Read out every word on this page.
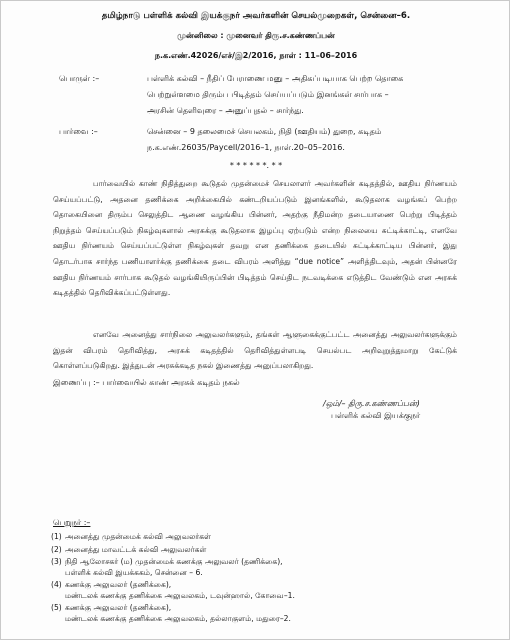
தமிழ்நாடு பள்ளிக் கல்வி இயக்குநர் அவர்களின் செயல்முறைகள், சென்னை–6.
முன்னிலை : முனைவர் திரு.ச.கண்ணப்பன்
ந.க.எண்.42026/எச்/இ2/2016, நாள் : 11–06–2016
பொருள் :–	பள்ளிக் கல்வி – நீதிப் பேராணை மனு – அதிகப்படியாக பெற்ற தொகை
பெற்றுள்ளமை திரும்ப பிடித்தம் செய்யப்படும் இனங்கள் சார்பாக –
அரசின் தெளிவுரை – அனுப்புதல் – சார்ந்து.
பார்வை :–	சென்னை – 9 தலைமைச் செயலகம், நிதி (ஊதியம்) துறை, கடிதம்
ந.க.எண்.26035/Paycell/2016–1, நாள்.20–05–2016.
* * * * * *. * *

பார்வையில் காண் நிதித்துறை கூடுதல் முதன்மைச் செயலாளர் அவர்களின் கடிதத்தில், ஊதிய நிர்ணயம் செய்யப்பட்டு, அதனை தணிக்கை அறிக்கையில் கண்டறியப்படும் இனங்களில், கூடுதலாக வழங்கப் பெற்ற தொகையினை திரும்ப செலுத்திட ஆணை வழங்கிய பின்னர், அதற்கு நீதிமன்ற தடையாணை பெற்று பிடித்தம் நிறுத்தம் செய்யப்படும் நிகழ்வுகளால் அரசுக்கு கூடுதலாக இழப்பு ஏற்படும் என்ற நிலையை சுட்டிக்காட்டி, எனவே ஊதிய நிர்ணயம் செய்யப்பட்டுள்ள நிகழ்வுகள் தவறு என தணிக்கை தடையில் சுட்டிக்காட்டிய பின்னர், இது தொடர்பாக சார்ந்த பணியாளர்க்கு தணிக்கை தடை விபரம் அளித்து “due notice” அளித்திடவும், அதன் பின்னரே ஊதிய நிர்ணயம் சார்பாக கூடுதல் வழங்கியிருப்பின் பிடித்தம் செய்திட நடவடிக்கை எடுத்திட வேண்டும் என அரசுக் கடிதத்தில் தெரிவிக்கப்பட்டுள்ளது.

எனவே அனைத்து சார்நிலை அலுவலர்களும், தங்கள் ஆளுகைக்குட்பட்ட அனைத்து அலுவலர்களுக்கும் இதன் விபரம் தெரிவித்து, அரசுக் கடிதத்தில் தெரிவித்துள்ளபடி செயல்பட அறிவுறுத்துமாறு கேட்டுக் கொள்ளப்படுகிறது. இத்துடன் அரசுக்கடித நகல் இணைத்து அனுப்பலாகிறது.

இணைப்பு :– பார்வையில் காண் அரசுக் கடிதம் நகல்
/ஒம்/– திரு.ச.கண்ணப்பன்)
பள்ளிக் கல்வி இயக்குநர்
பெறுநர் :–
(1) அனைத்து முதன்மைக் கல்வி அலுவலர்கள்
(2) அனைத்து மாவட்டக் கல்வி அலுவலர்கள்
(3) நிதி ஆலோசகர் (ம) முதன்மைக் கணக்கு அலுவலர் (தணிக்கை),
பள்ளிக் கல்வி இயக்ககம், சென்னை – 6.
(4) கணக்கு அலுவலர் (தணிக்கை),
மண்டலக் கணக்கு தணிக்கை அலுவலகம், டவுன்ஹால், கோவை–1.
(5) கணக்கு அலுவலர் (தணிக்கை),
மண்டலக் கணக்கு தணிக்கை அலுவலகம், தல்லாகுளம், மதுரை–2.
